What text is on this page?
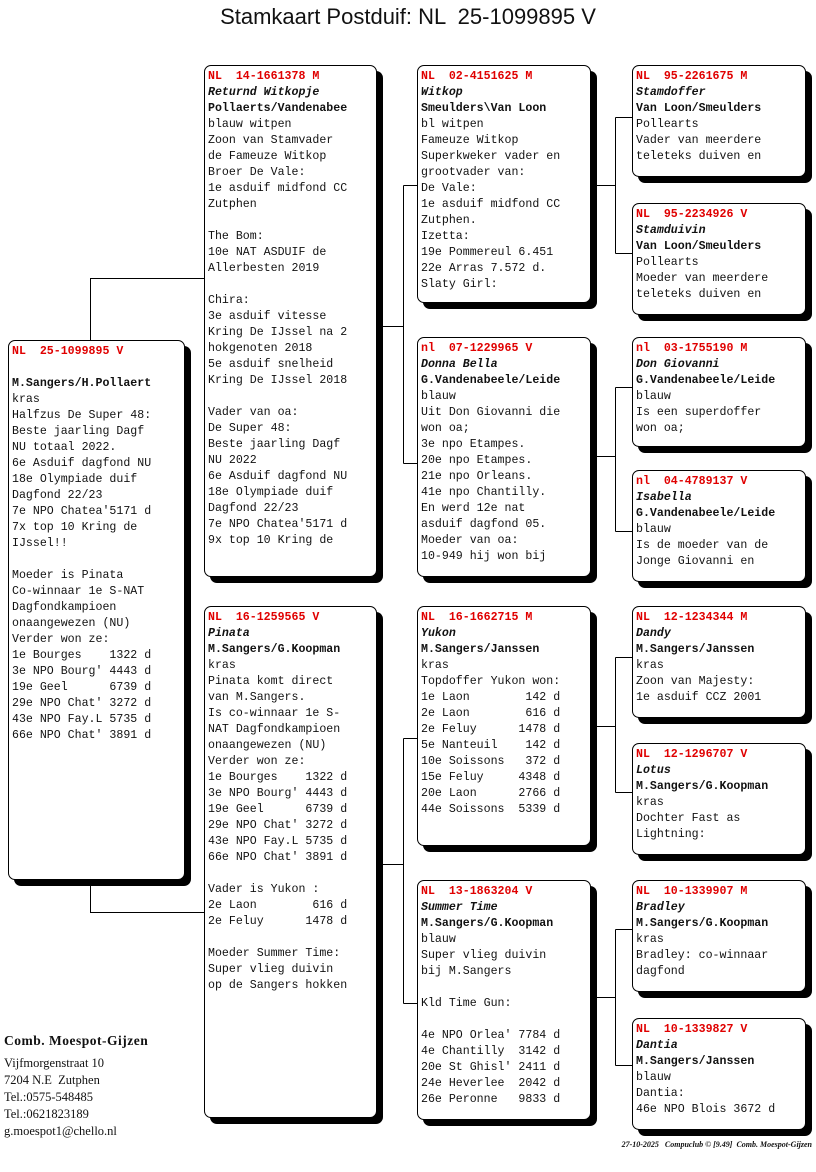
Stamkaart Postduif: NL  25-1099895 V
NL  25-1099895 V
M.Sangers/H.Pollaert
kras
Halfzus De Super 48:
Beste jaarling Dagf
NU totaal 2022.
6e Asduif dagfond NU
18e Olympiade duif
Dagfond 22/23
7e NPO Chatea'5171 d
7x top 10 Kring de
IJssel!!
Moeder is Pinata
Co-winnaar 1e S-NAT
Dagfondkampioen
onaangewezen (NU)
Verder won ze:
1e Bourges    1322 d
3e NPO Bourg' 4443 d
19e Geel      6739 d
29e NPO Chat' 3272 d
43e NPO Fay.L 5735 d
66e NPO Chat' 3891 d
NL  14-1661378 M
Returnd Witkopje
Pollaerts/Vandenabee
blauw witpen
Zoon van Stamvader
de Fameuze Witkop
Broer De Vale:
1e asduif midfond CC
Zutphen
The Bom:
10e NAT ASDUIF de
Allerbesten 2019
Chira:
3e asduif vitesse
Kring De IJssel na 2
hokgenoten 2018
5e asduif snelheid
Kring De IJssel 2018
Vader van oa:
De Super 48:
Beste jaarling Dagf
NU 2022
6e Asduif dagfond NU
18e Olympiade duif
Dagfond 22/23
7e NPO Chatea'5171 d
9x top 10 Kring de
NL  16-1259565 V
Pinata
M.Sangers/G.Koopman
kras
Pinata komt direct
van M.Sangers.
Is co-winnaar 1e S-
NAT Dagfondkampioen
onaangewezen (NU)
Verder won ze:
1e Bourges    1322 d
3e NPO Bourg' 4443 d
19e Geel      6739 d
29e NPO Chat' 3272 d
43e NPO Fay.L 5735 d
66e NPO Chat' 3891 d
Vader is Yukon :
2e Laon        616 d
2e Feluy      1478 d
Moeder Summer Time:
Super vlieg duivin
op de Sangers hokken
NL  02-4151625 M
Witkop
Smeulders\Van Loon
bl witpen
Fameuze Witkop
Superkweker vader en
grootvader van:
De Vale:
1e asduif midfond CC
Zutphen.
Izetta:
19e Pommereul 6.451
22e Arras 7.572 d.
Slaty Girl:
nl  07-1229965 V
Donna Bella
G.Vandenabeele/Leide
blauw
Uit Don Giovanni die
won oa;
3e npo Etampes.
20e npo Etampes.
21e npo Orleans.
41e npo Chantilly.
En werd 12e nat
asduif dagfond 05.
Moeder van oa:
10-949 hij won bij
NL  16-1662715 M
Yukon
M.Sangers/Janssen
kras
Topdoffer Yukon won:
1e Laon        142 d
2e Laon        616 d
2e Feluy      1478 d
5e Nanteuil    142 d
10e Soissons   372 d
15e Feluy     4348 d
20e Laon      2766 d
44e Soissons  5339 d
NL  13-1863204 V
Summer Time
M.Sangers/G.Koopman
blauw
Super vlieg duivin
bij M.Sangers
Kld Time Gun:
4e NPO Orlea' 7784 d
4e Chantilly  3142 d
20e St Ghisl' 2411 d
24e Heverlee  2042 d
26e Peronne   9833 d
NL  95-2261675 M
Stamdoffer
Van Loon/Smeulders
Pollearts
Vader van meerdere
teleteks duiven en
NL  95-2234926 V
Stamduivin
Van Loon/Smeulders
Pollearts
Moeder van meerdere
teleteks duiven en
nl  03-1755190 M
Don Giovanni
G.Vandenabeele/Leide
blauw
Is een superdoffer
won oa;
nl  04-4789137 V
Isabella
G.Vandenabeele/Leide
blauw
Is de moeder van de
Jonge Giovanni en
NL  12-1234344 M
Dandy
M.Sangers/Janssen
kras
Zoon van Majesty:
1e asduif CCZ 2001
NL  12-1296707 V
Lotus
M.Sangers/G.Koopman
kras
Dochter Fast as
Lightning:
NL  10-1339907 M
Bradley
M.Sangers/G.Koopman
kras
Bradley: co-winnaar
dagfond
NL  10-1339827 V
Dantia
M.Sangers/Janssen
blauw
Dantia:
46e NPO Blois 3672 d
Comb. Moespot-Gijzen
Vijfmorgenstraat 10
7204 N.E  Zutphen
Tel.:0575-548485
Tel.:0621823189
g.moespot1@chello.nl
27-10-2025   Compuclub © [9.49]  Comb. Moespot-Gijzen
